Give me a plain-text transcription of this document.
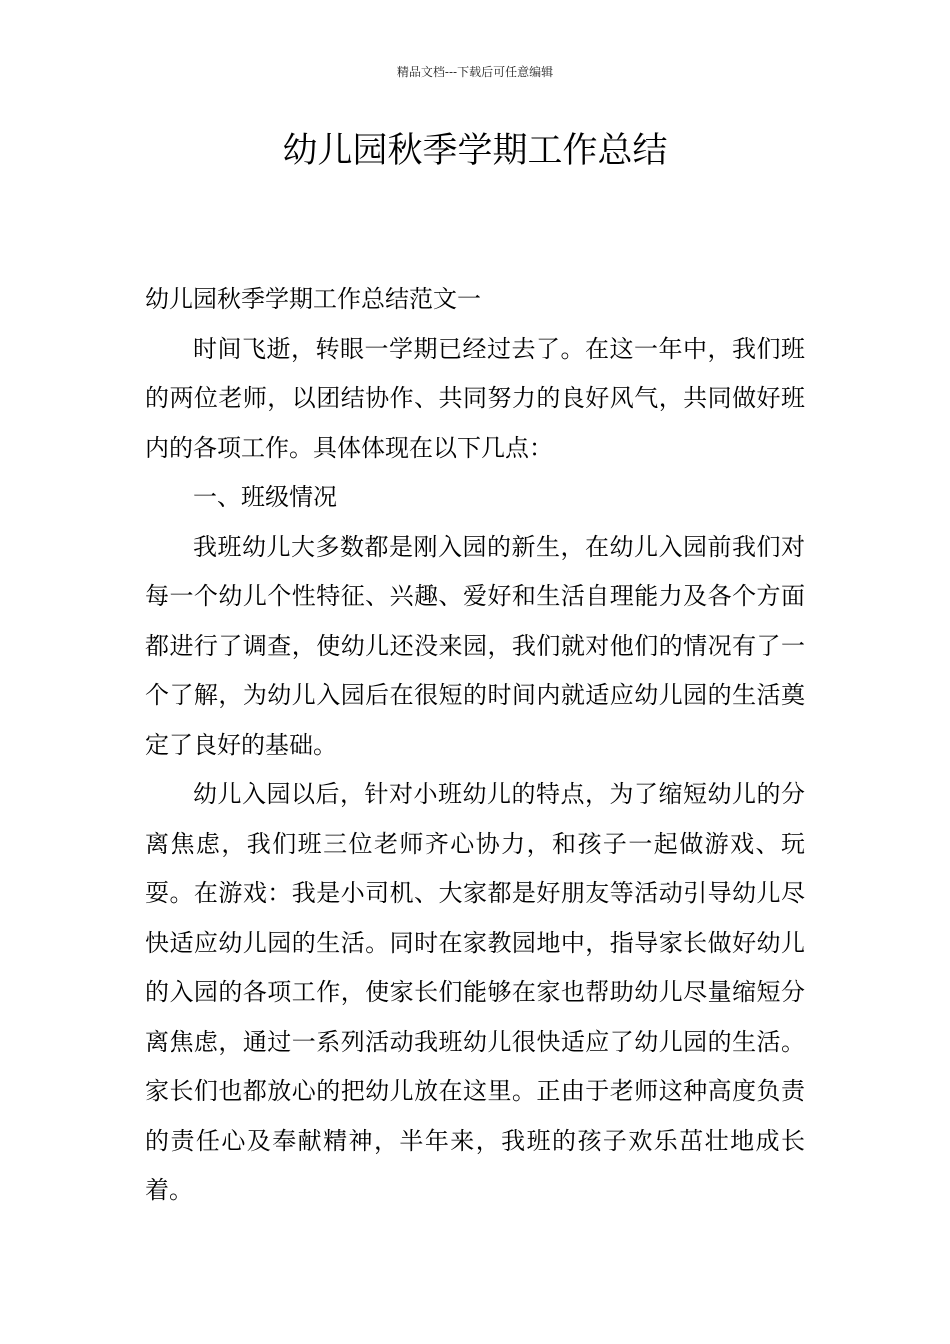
精品文档---下载后可任意编辑
幼儿园秋季学期工作总结

幼儿园秋季学期工作总结范文一

时间飞逝，转眼一学期已经过去了。在这一年中，我们班的两位老师，以团结协作、共同努力的良好风气，共同做好班内的各项工作。具体体现在以下几点：

一、班级情况

我班幼儿大多数都是刚入园的新生，在幼儿入园前我们对每一个幼儿个性特征、兴趣、爱好和生活自理能力及各个方面都进行了调查，使幼儿还没来园，我们就对他们的情况有了一个了解，为幼儿入园后在很短的时间内就适应幼儿园的生活奠定了良好的基础。

幼儿入园以后，针对小班幼儿的特点，为了缩短幼儿的分离焦虑，我们班三位老师齐心协力，和孩子一起做游戏、玩耍。在游戏：我是小司机、大家都是好朋友等活动引导幼儿尽快适应幼儿园的生活。同时在家教园地中，指导家长做好幼儿的入园的各项工作，使家长们能够在家也帮助幼儿尽量缩短分离焦虑，通过一系列活动我班幼儿很快适应了幼儿园的生活。家长们也都放心的把幼儿放在这里。正由于老师这种高度负责的责任心及奉献精神，半年来，我班的孩子欢乐茁壮地成长着。
